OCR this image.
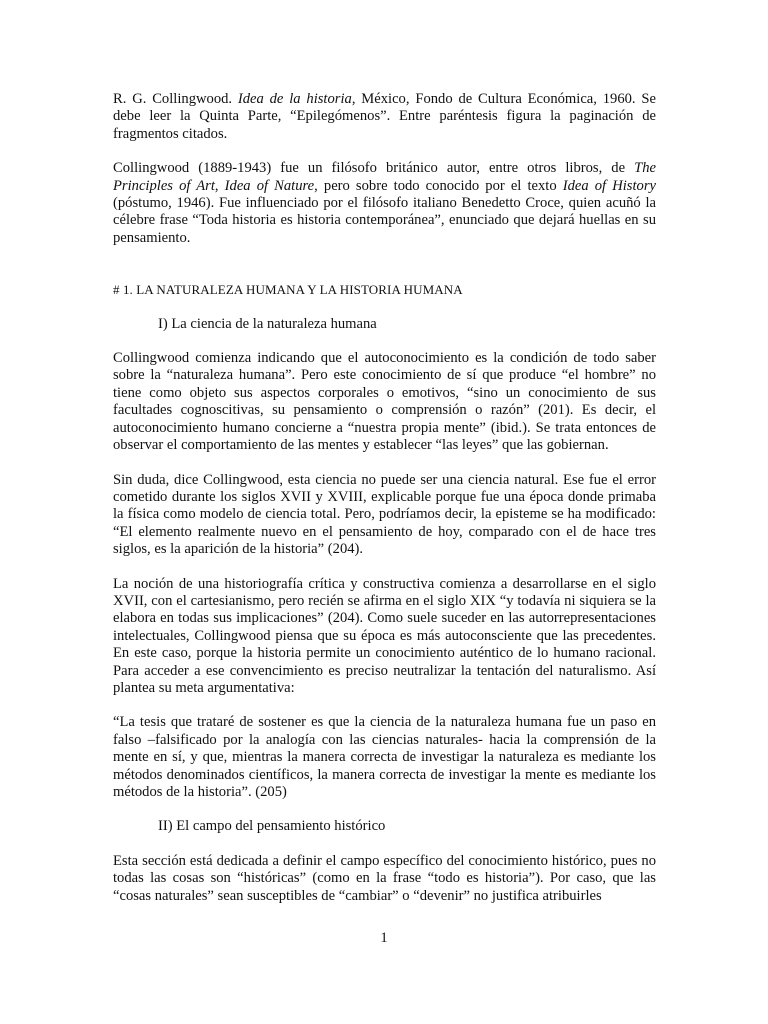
R. G. Collingwood. Idea de la historia, México, Fondo de Cultura Económica, 1960. Se debe leer la Quinta Parte, “Epilegómenos”. Entre paréntesis figura la paginación de fragmentos citados.

Collingwood (1889-1943) fue un filósofo británico autor, entre otros libros, de The Principles of Art, Idea of Nature, pero sobre todo conocido por el texto Idea of History (póstumo, 1946). Fue influenciado por el filósofo italiano Benedetto Croce, quien acuñó la célebre frase “Toda historia es historia contemporánea”, enunciado que dejará huellas en su pensamiento.

# 1. LA NATURALEZA HUMANA Y LA HISTORIA HUMANA

I) La ciencia de la naturaleza humana

Collingwood comienza indicando que el autoconocimiento es la condición de todo saber sobre la “naturaleza humana”. Pero este conocimiento de sí que produce “el hombre” no tiene como objeto sus aspectos corporales o emotivos, “sino un conocimiento de sus facultades cognoscitivas, su pensamiento o comprensión o razón” (201). Es decir, el autoconocimiento humano concierne a “nuestra propia mente” (ibid.). Se trata entonces de observar el comportamiento de las mentes y establecer “las leyes” que las gobiernan.

Sin duda, dice Collingwood, esta ciencia no puede ser una ciencia natural. Ese fue el error cometido durante los siglos XVII y XVIII, explicable porque fue una época donde primaba la física como modelo de ciencia total. Pero, podríamos decir, la episteme se ha modificado: “El elemento realmente nuevo en el pensamiento de hoy, comparado con el de hace tres siglos, es la aparición de la historia” (204).

La noción de una historiografía crítica y constructiva comienza a desarrollarse en el siglo XVII, con el cartesianismo, pero recién se afirma en el siglo XIX “y todavía ni siquiera se la elabora en todas sus implicaciones” (204). Como suele suceder en las autorrepresentaciones intelectuales, Collingwood piensa que su época es más autoconsciente que las precedentes. En este caso, porque la historia permite un conocimiento auténtico de lo humano racional. Para acceder a ese convencimiento es preciso neutralizar la tentación del naturalismo. Así plantea su meta argumentativa:

“La tesis que trataré de sostener es que la ciencia de la naturaleza humana fue un paso en falso –falsificado por la analogía con las ciencias naturales- hacia la comprensión de la mente en sí, y que, mientras la manera correcta de investigar la naturaleza es mediante los métodos denominados científicos, la manera correcta de investigar la mente es mediante los métodos de la historia”. (205)

II) El campo del pensamiento histórico

Esta sección está dedicada a definir el campo específico del conocimiento histórico, pues no todas las cosas son “históricas” (como en la frase “todo es historia”). Por caso, que las “cosas naturales” sean susceptibles de “cambiar” o “devenir” no justifica atribuirles

1
